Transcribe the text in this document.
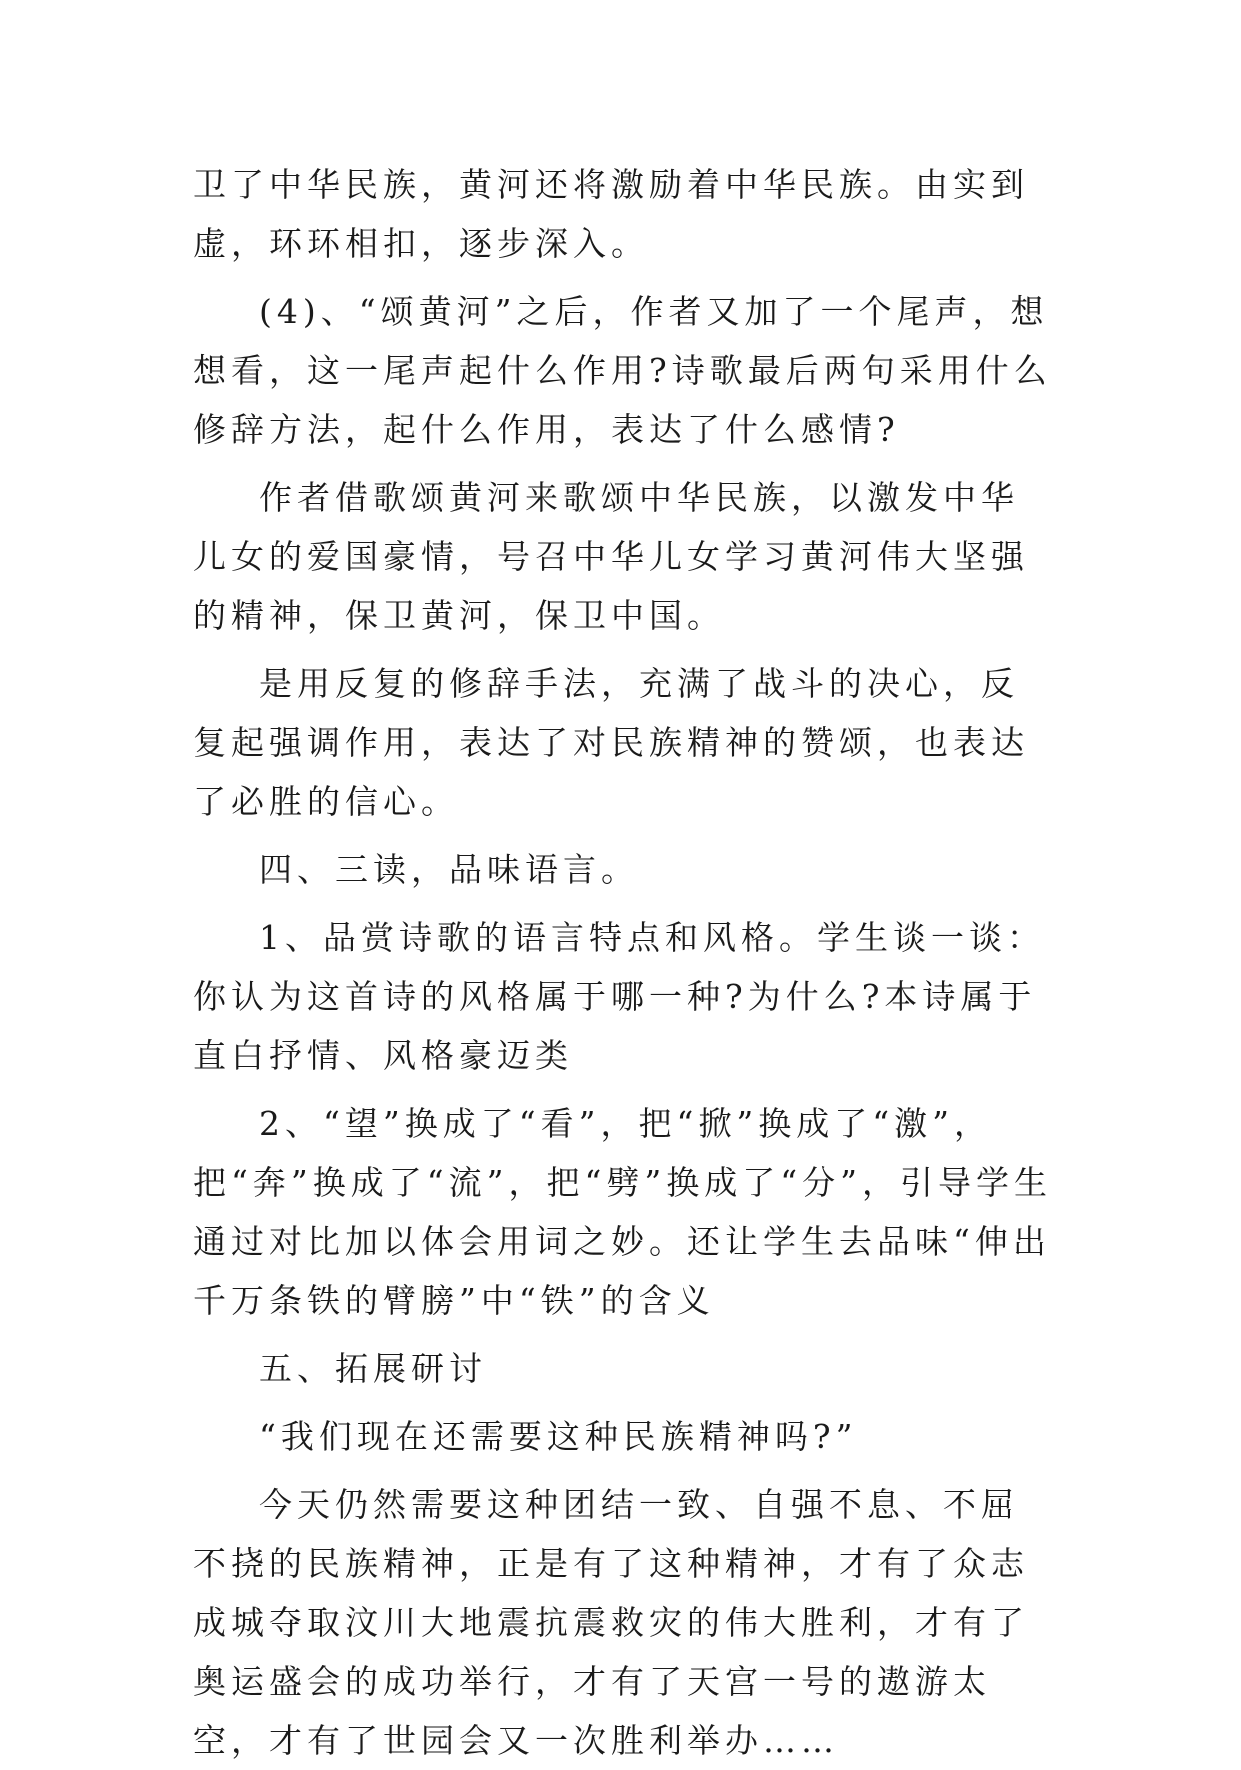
卫了中华民族，黄河还将激励着中华民族。由实到虚，环环相扣，逐步深入。

(4)、“颂黄河”之后，作者又加了一个尾声，想想看，这一尾声起什么作用?诗歌最后两句采用什么修辞方法，起什么作用，表达了什么感情?

作者借歌颂黄河来歌颂中华民族，以激发中华儿女的爱国豪情，号召中华儿女学习黄河伟大坚强的精神，保卫黄河，保卫中国。

是用反复的修辞手法，充满了战斗的决心，反复起强调作用，表达了对民族精神的赞颂，也表达了必胜的信心。

四、三读，品味语言。

1、品赏诗歌的语言特点和风格。学生谈一谈：你认为这首诗的风格属于哪一种?为什么?本诗属于直白抒情、风格豪迈类

2、“望”换成了“看”，把“掀”换成了“激”，把“奔”换成了“流”，把“劈”换成了“分”，引导学生通过对比加以体会用词之妙。还让学生去品味“伸出千万条铁的臂膀”中“铁”的含义

五、拓展研讨

“我们现在还需要这种民族精神吗?”

今天仍然需要这种团结一致、自强不息、不屈不挠的民族精神，正是有了这种精神，才有了众志成城夺取汶川大地震抗震救灾的伟大胜利，才有了奥运盛会的成功举行，才有了天宫一号的遨游太空，才有了世园会又一次胜利举办……
